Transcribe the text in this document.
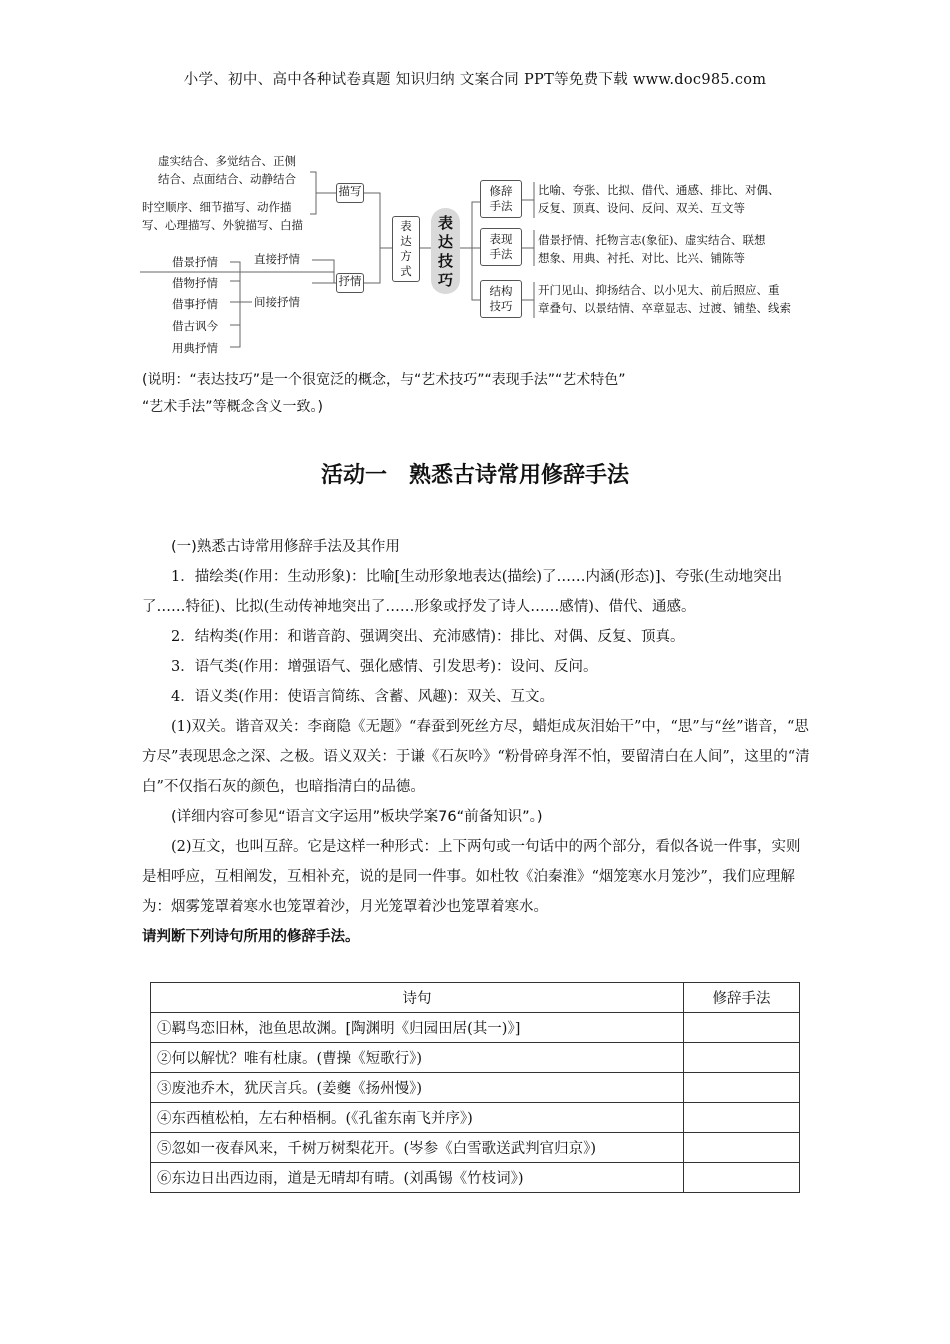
小学、初中、高中各种试卷真题 知识归纳 文案合同 PPT等免费下载 www.doc985.com
虚实结合、多觉结合、正侧
结合、点面结合、动静结合
时空顺序、细节描写、动作描
写、心理描写、外貌描写、白描
描写
抒情
直接抒情
间接抒情
借景抒情
借物抒情
借事抒情
借古讽今
用典抒情
表达方式
表达技巧
修辞手法
表现手法
结构技巧
比喻、夸张、比拟、借代、通感、排比、对偶、
反复、顶真、设问、反问、双关、互文等
借景抒情、托物言志(象征)、虚实结合、联想
想象、用典、衬托、对比、比兴、铺陈等
开门见山、抑扬结合、以小见大、前后照应、重
章叠句、以景结情、卒章显志、过渡、铺垫、线索
(说明：“表达技巧”是一个很宽泛的概念，与“艺术技巧”“表现手法”“艺术特色”
“艺术手法”等概念含义一致。)
活动一　熟悉古诗常用修辞手法

(一)熟悉古诗常用修辞手法及其作用

1．描绘类(作用：生动形象)：比喻[生动形象地表达(描绘)了……内涵(形态)]、夸张(生动地突出了……特征)、比拟(生动传神地突出了……形象或抒发了诗人……感情)、借代、通感。

2．结构类(作用：和谐音韵、强调突出、充沛感情)：排比、对偶、反复、顶真。

3．语气类(作用：增强语气、强化感情、引发思考)：设问、反问。

4．语义类(作用：使语言简练、含蓄、风趣)：双关、互文。

(1)双关。谐音双关：李商隐《无题》“春蚕到死丝方尽，蜡炬成灰泪始干”中，“思”与“丝”谐音，“思方尽”表现思念之深、之极。语义双关：于谦《石灰吟》“粉骨碎身浑不怕，要留清白在人间”，这里的“清白”不仅指石灰的颜色，也暗指清白的品德。

(详细内容可参见“语言文字运用”板块学案76“前备知识”。)

(2)互文，也叫互辞。它是这样一种形式：上下两句或一句话中的两个部分，看似各说一件事，实则是相呼应，互相阐发，互相补充，说的是同一件事。如杜牧《泊秦淮》“烟笼寒水月笼沙”，我们应理解为：烟雾笼罩着寒水也笼罩着沙，月光笼罩着沙也笼罩着寒水。

请判断下列诗句所用的修辞手法。

诗句	修辞手法
①羁鸟恋旧林，池鱼思故渊。[陶渊明《归园田居(其一)》]	
②何以解忧？唯有杜康。(曹操《短歌行》)	
③废池乔木，犹厌言兵。(姜夔《扬州慢》)	
④东西植松柏，左右种梧桐。(《孔雀东南飞并序》)	
⑤忽如一夜春风来，千树万树梨花开。(岑参《白雪歌送武判官归京》)	
⑥东边日出西边雨，道是无晴却有晴。(刘禹锡《竹枝词》)	
